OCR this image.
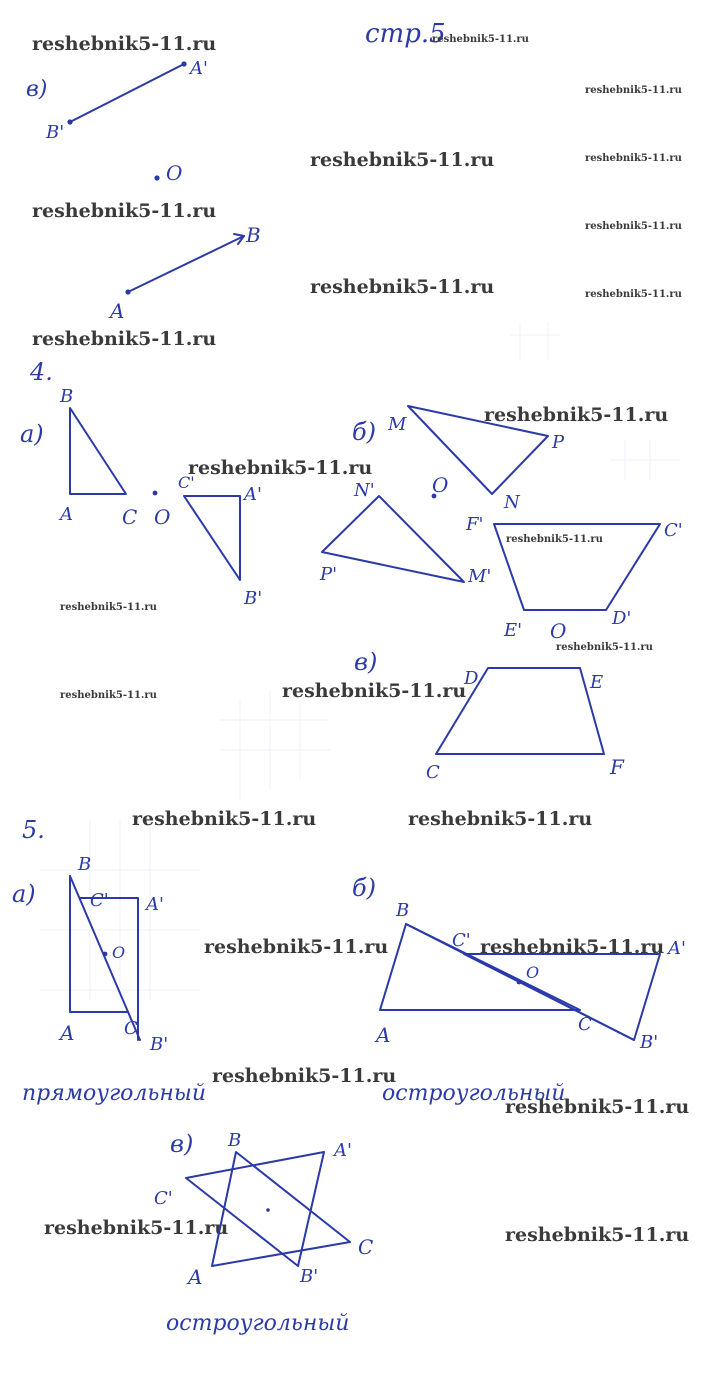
стр.5
reshebnik5-11.ru	reshebnik5-11.ru
reshebnik5-11.ru
reshebnik5-11.ru	reshebnik5-11.ru
reshebnik5-11.ru
reshebnik5-11.ru
reshebnik5-11.ru	reshebnik5-11.ru
reshebnik5-11.ru
reshebnik5-11.ru
reshebnik5-11.ru
reshebnik5-11.ru
reshebnik5-11.ru
reshebnik5-11.ru
reshebnik5-11.ru	reshebnik5-11.ru
reshebnik5-11.ru	reshebnik5-11.ru
reshebnik5-11.ru	reshebnik5-11.ru
reshebnik5-11.ru
reshebnik5-11.ru
reshebnik5-11.ru	reshebnik5-11.ru
в)
A'
B'
O
B
A
4.
а)
B
A C O
C'
A'
B'
б) M
P
N
O
N'
P'	M'
F'	C'
E'
D'
O
в)
D	E
C	F
5.
а)
O
B
C' A'
A	C
B'
прямоугольный
б)
O
B
C'	A'
A	C
B'
остроугольный
в) B	A'
C'
C
A	B'
остроугольный
